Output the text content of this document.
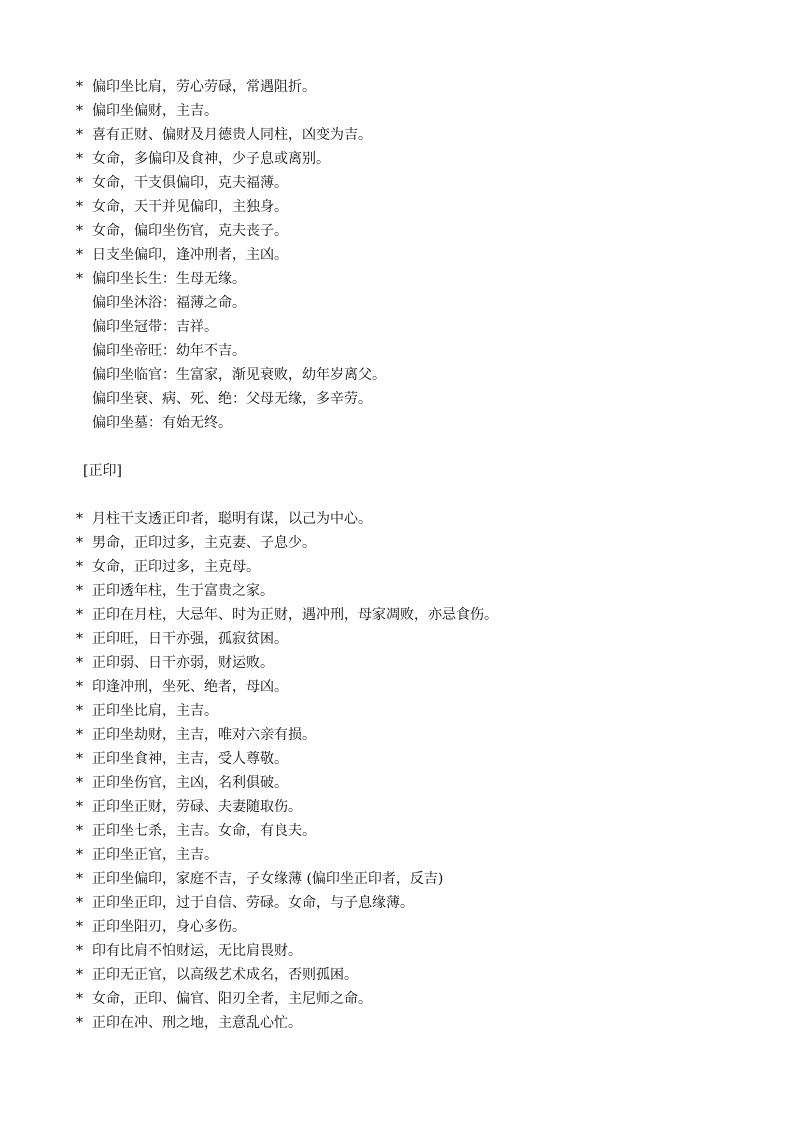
* 偏印坐比肩，劳心劳碌，常遇阻折。
* 偏印坐偏财，主吉。
* 喜有正财、偏财及月德贵人同柱，凶变为吉。
* 女命，多偏印及食神，少子息或离别。
* 女命，干支俱偏印，克夫福薄。
* 女命，天干并见偏印，主独身。
* 女命，偏印坐伤官，克夫丧子。
* 日支坐偏印，逢冲刑者，主凶。
* 偏印坐长生：生母无缘。
偏印坐沐浴：福薄之命。
偏印坐冠带：吉祥。
偏印坐帝旺：幼年不吉。
偏印坐临官：生富家，渐见衰败，幼年岁离父。
偏印坐衰、病、死、绝：父母无缘，多辛劳。
偏印坐墓：有始无终。
[正印]
* 月柱干支透正印者，聪明有谋，以己为中心。
* 男命，正印过多，主克妻、子息少。
* 女命，正印过多，主克母。
* 正印透年柱，生于富贵之家。
* 正印在月柱，大忌年、时为正财，遇冲刑，母家凋败，亦忌食伤。
* 正印旺，日干亦强，孤寂贫困。
* 正印弱、日干亦弱，财运败。
* 印逢冲刑，坐死、绝者，母凶。
* 正印坐比肩，主吉。
* 正印坐劫财，主吉，唯对六亲有损。
* 正印坐食神，主吉，受人尊敬。
* 正印坐伤官，主凶，名利俱破。
* 正印坐正财，劳碌、夫妻随取伤。
* 正印坐七杀，主吉。女命，有良夫。
* 正印坐正官，主吉。
* 正印坐偏印，家庭不吉，子女缘薄 (偏印坐正印者，反吉)
* 正印坐正印，过于自信、劳碌。女命，与子息缘薄。
* 正印坐阳刃，身心多伤。
* 印有比肩不怕财运，无比肩畏财。
* 正印无正官，以高级艺术成名，否则孤困。
* 女命，正印、偏官、阳刃全者，主尼师之命。
* 正印在冲、刑之地，主意乱心忙。
